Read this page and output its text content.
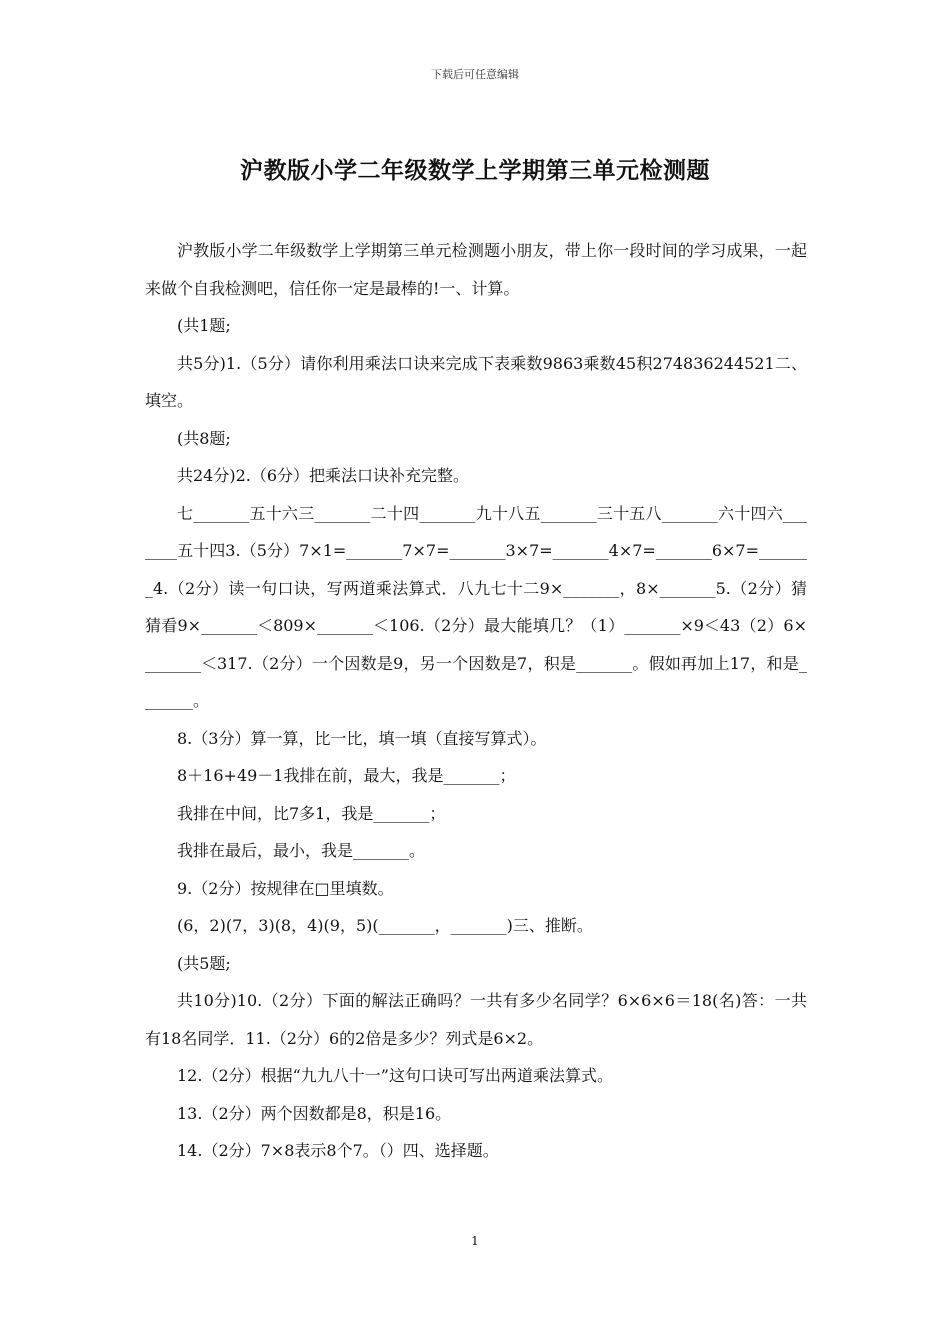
下载后可任意编辑
沪教版小学二年级数学上学期第三单元检测题

沪教版小学二年级数学上学期第三单元检测题小朋友，带上你一段时间的学习成果，一起来做个自我检测吧，信任你一定是最棒的!一、计算。

(共1题;

共5分)1.（5分）请你利用乘法口诀来完成下表乘数9863乘数45积274836244521二、填空。

(共8题;

共24分)2.（6分）把乘法口诀补充完整。

七_______五十六三_______二十四_______九十八五_______三十五八_______六十四六_______五十四3.（5分）7×1=_______7×7=_______3×7=_______4×7=_______6×7=_______4.（2分）读一句口诀，写两道乘法算式．八九七十二9×_______，8×_______5.（2分）猜猜看9×_______＜809×_______＜106.（2分）最大能填几？（1）_______×9＜43（2）6×_______＜317.（2分）一个因数是9，另一个因数是7，积是_______。假如再加上17，和是_______。

8.（3分）算一算，比一比，填一填（直接写算式）。

8＋16+49－1我排在前，最大，我是_______；

我排在中间，比7多1，我是_______；

我排在最后，最小，我是_______。

9.（2分）按规律在□里填数。

(6，2)(7，3)(8，4)(9，5)(_______，_______)三、推断。

(共5题;

共10分)10.（2分）下面的解法正确吗？一共有多少名同学？6×6×6＝18(名)答：一共有18名同学．11.（2分）6的2倍是多少？列式是6×2。

12.（2分）根据“九九八十一”这句口诀可写出两道乘法算式。

13.（2分）两个因数都是8，积是16。

14.（2分）7×8表示8个7。（）四、选择题。

1
